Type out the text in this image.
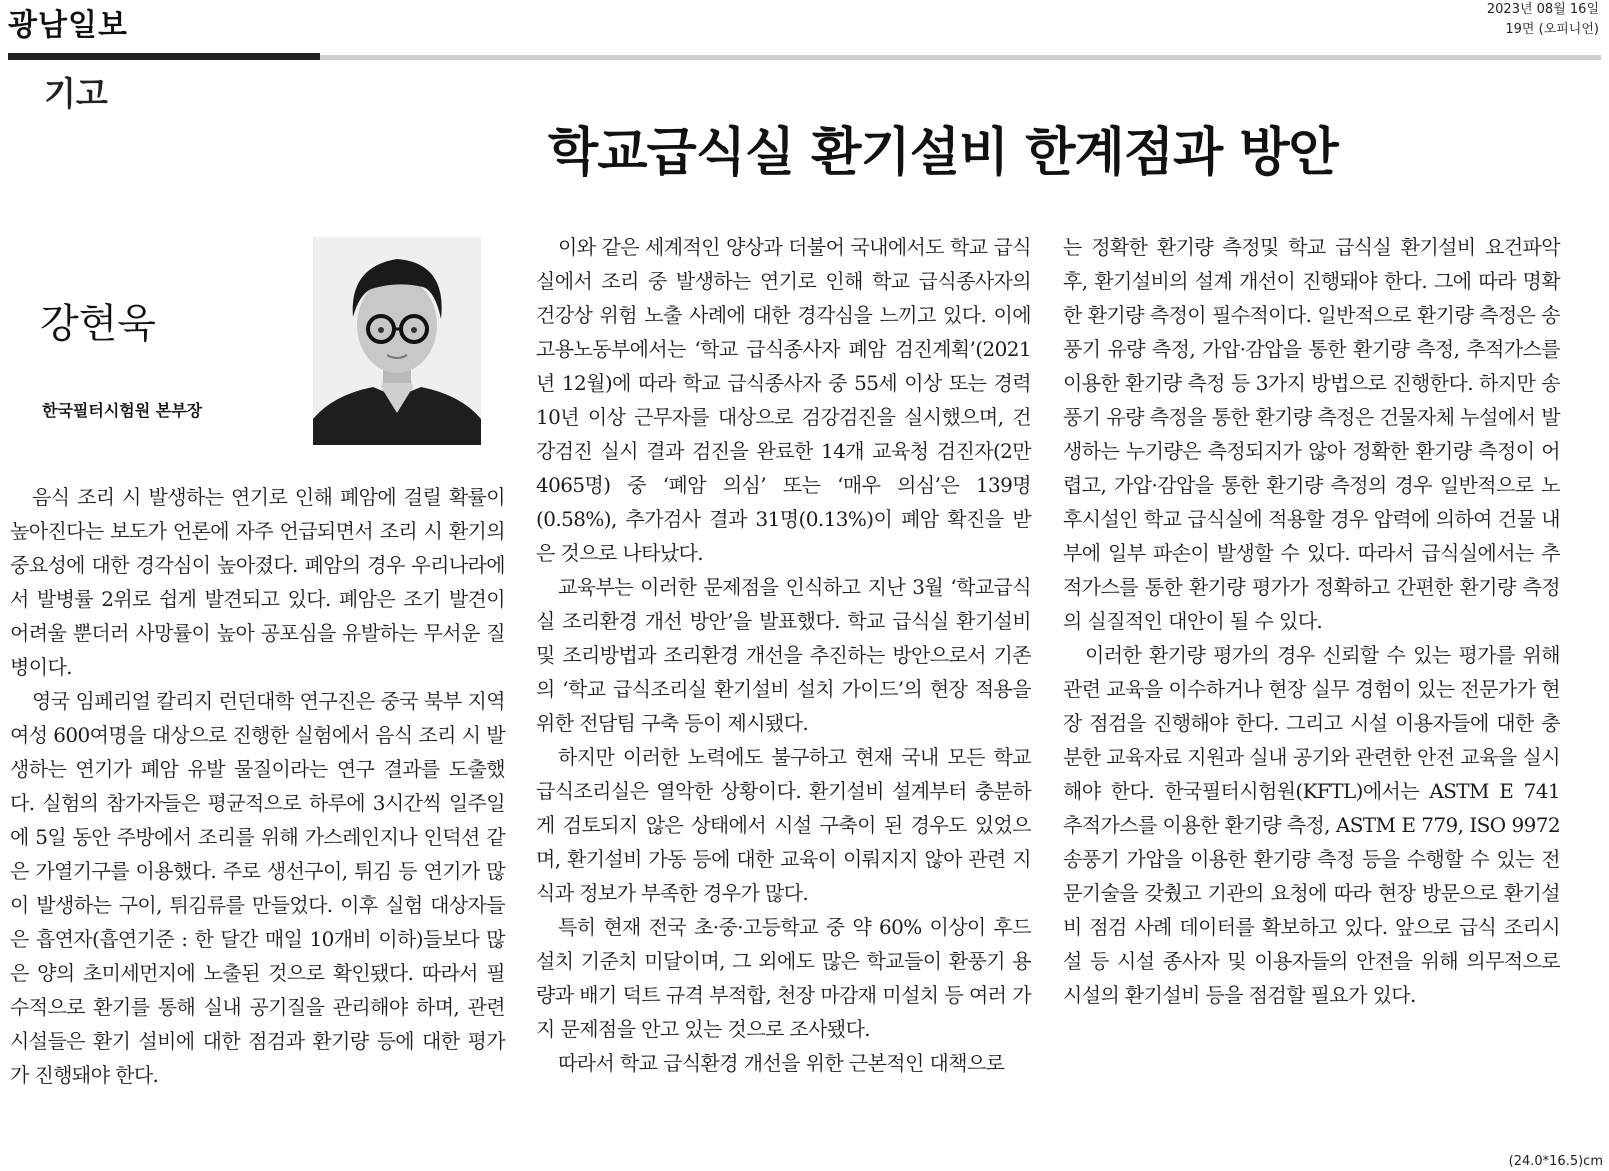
광남일보	2023년 08월 16일
19면 (오피니언)
기고
학교급식실 환기설비 한계점과 방안
강현욱
한국필터시험원 본부장

음식 조리 시 발생하는 연기로 인해 폐암에 걸릴 확률이 높아진다는 보도가 언론에 자주 언급되면서 조리 시 환기의 중요성에 대한 경각심이 높아졌다. 폐암의 경우 우리나라에서 발병률 2위로 쉽게 발견되고 있다. 폐암은 조기 발견이 어려울 뿐더러 사망률이 높아 공포심을 유발하는 무서운 질병이다.

영국 임페리얼 칼리지 런던대학 연구진은 중국 북부 지역 여성 600여명을 대상으로 진행한 실험에서 음식 조리 시 발생하는 연기가 폐암 유발 물질이라는 연구 결과를 도출했다. 실험의 참가자들은 평균적으로 하루에 3시간씩 일주일에 5일 동안 주방에서 조리를 위해 가스레인지나 인덕션 같은 가열기구를 이용했다. 주로 생선구이, 튀김 등 연기가 많이 발생하는 구이, 튀김류를 만들었다. 이후 실험 대상자들은 흡연자(흡연기준 : 한 달간 매일 10개비 이하)들보다 많은 양의 초미세먼지에 노출된 것으로 확인됐다. 따라서 필수적으로 환기를 통해 실내 공기질을 관리해야 하며, 관련 시설들은 환기 설비에 대한 점검과 환기량 등에 대한 평가가 진행돼야 한다.

이와 같은 세계적인 양상과 더불어 국내에서도 학교 급식실에서 조리 중 발생하는 연기로 인해 학교 급식종사자의 건강상 위험 노출 사례에 대한 경각심을 느끼고 있다. 이에 고용노동부에서는 ‘학교 급식종사자 폐암 검진계획’(2021년 12월)에 따라 학교 급식종사자 중 55세 이상 또는 경력 10년 이상 근무자를 대상으로 검강검진을 실시했으며, 건강검진 실시 결과 검진을 완료한 14개 교육청 검진자(2만4065명) 중 ‘폐암 의심’ 또는 ‘매우 의심’은 139명(0.58%), 추가검사 결과 31명(0.13%)이 폐암 확진을 받은 것으로 나타났다.

교육부는 이러한 문제점을 인식하고 지난 3월 ‘학교급식실 조리환경 개선 방안’을 발표했다. 학교 급식실 환기설비 및 조리방법과 조리환경 개선을 추진하는 방안으로서 기존의 ‘학교 급식조리실 환기설비 설치 가이드’의 현장 적용을 위한 전담팀 구축 등이 제시됐다.

하지만 이러한 노력에도 불구하고 현재 국내 모든 학교 급식조리실은 열악한 상황이다. 환기설비 설계부터 충분하게 검토되지 않은 상태에서 시설 구축이 된 경우도 있었으며, 환기설비 가동 등에 대한 교육이 이뤄지지 않아 관련 지식과 정보가 부족한 경우가 많다.

특히 현재 전국 초·중·고등학교 중 약 60% 이상이 후드 설치 기준치 미달이며, 그 외에도 많은 학교들이 환풍기 용량과 배기 덕트 규격 부적합, 천장 마감재 미설치 등 여러 가지 문제점을 안고 있는 것으로 조사됐다.

따라서 학교 급식환경 개선을 위한 근본적인 대책으로

는 정확한 환기량 측정및 학교 급식실 환기설비 요건파악 후, 환기설비의 설계 개선이 진행돼야 한다. 그에 따라 명확한 환기량 측정이 필수적이다. 일반적으로 환기량 측정은 송풍기 유량 측정, 가압·감압을 통한 환기량 측정, 추적가스를 이용한 환기량 측정 등 3가지 방법으로 진행한다. 하지만 송풍기 유량 측정을 통한 환기량 측정은 건물자체 누설에서 발생하는 누기량은 측정되지가 않아 정확한 환기량 측정이 어렵고, 가압·감압을 통한 환기량 측정의 경우 일반적으로 노후시설인 학교 급식실에 적용할 경우 압력에 의하여 건물 내부에 일부 파손이 발생할 수 있다. 따라서 급식실에서는 추적가스를 통한 환기량 평가가 정확하고 간편한 환기량 측정의 실질적인 대안이 될 수 있다.

이러한 환기량 평가의 경우 신뢰할 수 있는 평가를 위해 관련 교육을 이수하거나 현장 실무 경험이 있는 전문가가 현장 점검을 진행해야 한다. 그리고 시설 이용자들에 대한 충분한 교육자료 지원과 실내 공기와 관련한 안전 교육을 실시해야 한다. 한국필터시험원(KFTL)에서는 ASTM E 741 추적가스를 이용한 환기량 측정, ASTM E 779, ISO 9972 송풍기 가압을 이용한 환기량 측정 등을 수행할 수 있는 전문기술을 갖췄고 기관의 요청에 따라 현장 방문으로 환기설비 점검 사례 데이터를 확보하고 있다. 앞으로 급식 조리시설 등 시설 종사자 및 이용자들의 안전을 위해 의무적으로 시설의 환기설비 등을 점검할 필요가 있다.

(24.0*16.5)cm
